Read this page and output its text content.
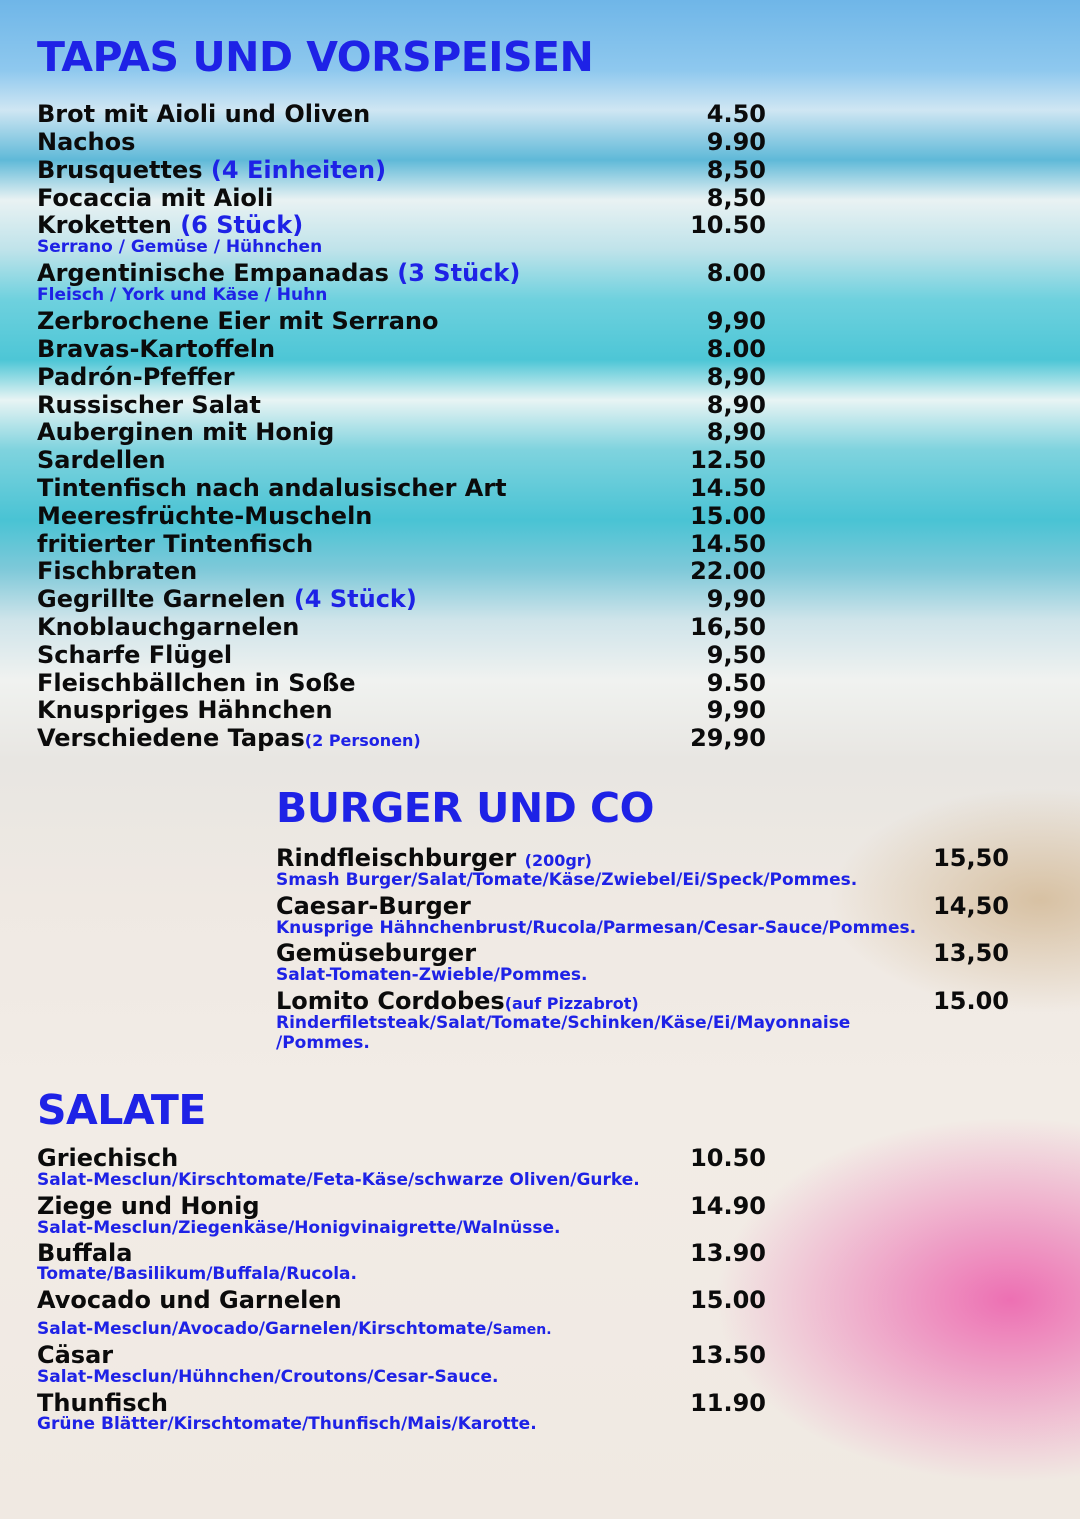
TAPAS UND VORSPEISEN
Brot mit Aioli und Oliven	4.50
Nachos	9.90
Brusquettes (4 Einheiten)	8,50
Focaccia mit Aioli	8,50
Kroketten (6 Stück)	10.50
Serrano / Gemüse / Hühnchen
Argentinische Empanadas (3 Stück)	8.00
Fleisch / York und Käse / Huhn
Zerbrochene Eier mit Serrano	9,90
Bravas-Kartoffeln	8.00
Padrón-Pfeffer	8,90
Russischer Salat	8,90
Auberginen mit Honig	8,90
Sardellen	12.50
Tintenfisch nach andalusischer Art	14.50
Meeresfrüchte-Muscheln	15.00
fritierter Tintenfisch	14.50
Fischbraten	22.00
Gegrillte Garnelen (4 Stück)	9,90
Knoblauchgarnelen	16,50
Scharfe Flügel	9,50
Fleischbällchen in Soße	9.50
Knuspriges Hähnchen	9,90
Verschiedene Tapas(2 Personen)	29,90
BURGER UND CO
Rindfleischburger (200gr)	15,50
Smash Burger/Salat/Tomate/Käse/Zwiebel/Ei/Speck/Pommes.
Caesar-Burger	14,50
Knusprige Hähnchenbrust/Rucola/Parmesan/Cesar-Sauce/Pommes.
Gemüseburger	13,50
Salat-Tomaten-Zwieble/Pommes.
Lomito Cordobes(auf Pizzabrot)	15.00
Rinderfiletsteak/Salat/Tomate/Schinken/Käse/Ei/Mayonnaise
/Pommes.
SALATE
Griechisch	10.50
Salat-Mesclun/Kirschtomate/Feta-Käse/schwarze Oliven/Gurke.
Ziege und Honig	14.90
Salat-Mesclun/Ziegenkäse/Honigvinaigrette/Walnüsse.
Buffala	13.90
Tomate/Basilikum/Buffala/Rucola.
Avocado und Garnelen	15.00
Salat-Mesclun/Avocado/Garnelen/Kirschtomate/Samen.
Cäsar	13.50
Salat-Mesclun/Hühnchen/Croutons/Cesar-Sauce.
Thunfisch	11.90
Grüne Blätter/Kirschtomate/Thunfisch/Mais/Karotte.
